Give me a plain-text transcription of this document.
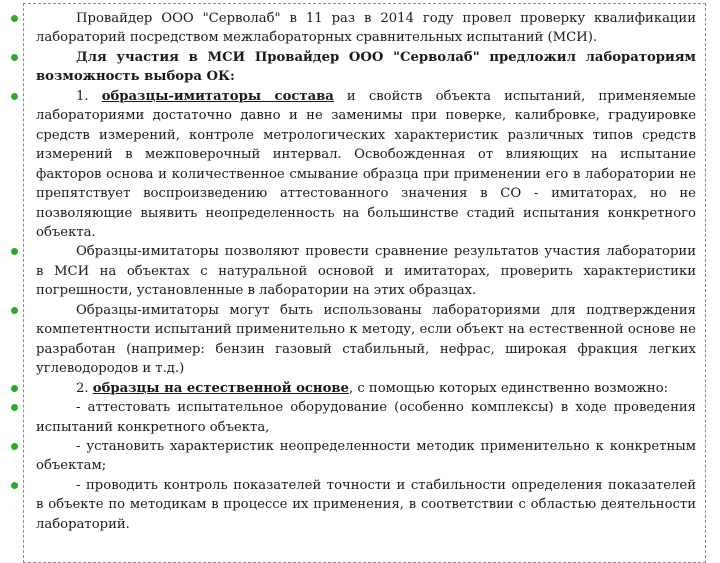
Провайдер ООО "Серволаб" в 11 раз в 2014 году провел проверку квалификации лабораторий посредством межлабораторных сравнительных испытаний (МСИ).

Для участия в МСИ Провайдер ООО "Серволаб" предложил лабораториям возможность выбора ОК:

1. образцы-имитаторы состава и свойств объекта испытаний, применяемые лабораториями достаточно давно и не заменимы при поверке, калибровке, градуировке средств измерений, контроле метрологических характеристик различных типов средств измерений в межповерочный интервал. Освобожденная от влияющих на испытание факторов основа и количественное смывание образца при применении его в лаборатории не препятствует воспроизведению аттестованного значения в СО - имитаторах, но не позволяющие выявить неопределенность на большинстве стадий испытания конкретного объекта.

Образцы-имитаторы позволяют провести сравнение результатов участия лаборатории в МСИ на объектах с натуральной основой и имитаторах, проверить характеристики погрешности, установленные в лаборатории на этих образцах.

Образцы-имитаторы могут быть использованы лабораториями для подтверждения компетентности испытаний применительно к методу, если объект на естественной основе не разработан (например: бензин газовый стабильный, нефрас, широкая фракция легких углеводородов и т.д.)

2. образцы на естественной основе, с помощью которых единственно возможно:

- аттестовать испытательное оборудование (особенно комплексы) в ходе проведения испытаний конкретного объекта,

- установить характеристик неопределенности методик применительно к конкретным объектам;

- проводить контроль показателей точности и стабильности определения показателей в объекте по методикам в процессе их применения, в соответствии с областью деятельности лабораторий.
